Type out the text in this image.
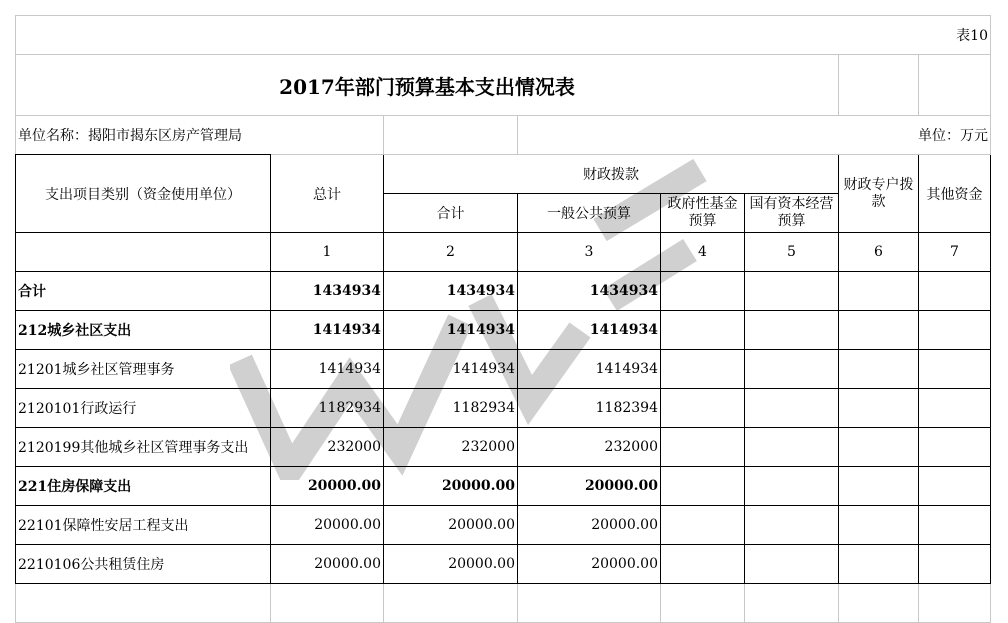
表10							
2017年部门预算基本支出情况表							
单位名称：揭阳市揭东区房产管理局			单位：万元				
支出项目类别（资金使用单位）	总计	财政拨款				财政专户拨款	其他资金
		合计	一般公共预算	政府性基金预算	国有资本经营预算		
	1	2	3	4	5	6	7
合计	1434934	1434934	1434934				
212城乡社区支出	1414934	1414934	1414934				
21201城乡社区管理事务	1414934	1414934	1414934				
2120101行政运行	1182934	1182934	1182394				
2120199其他城乡社区管理事务支出	232000	232000	232000				
221住房保障支出	20000.00	20000.00	20000.00				
22101保障性安居工程支出	20000.00	20000.00	20000.00				
2210106公共租赁住房	20000.00	20000.00	20000.00				
